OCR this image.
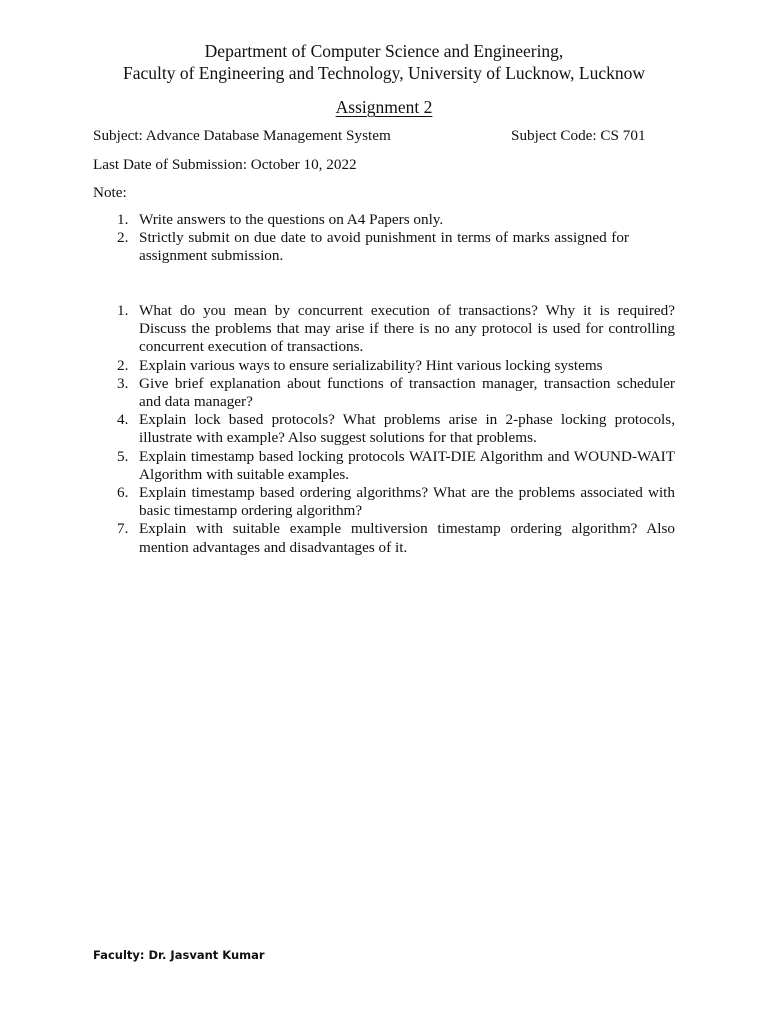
Department of Computer Science and Engineering,
Faculty of Engineering and Technology, University of Lucknow, Lucknow
Assignment 2
Subject: Advance Database Management System	Subject Code: CS 701
Last Date of Submission: October 10, 2022
Note:
1. Write answers to the questions on A4 Papers only.
2. Strictly submit on due date to avoid punishment in terms of marks assigned for assignment submission.
1. What do you mean by concurrent execution of transactions? Why it is required? Discuss the problems that may arise if there is no any protocol is used for controlling concurrent execution of transactions.
2. Explain various ways to ensure serializability? Hint various locking systems
3. Give brief explanation about functions of transaction manager, transaction scheduler and data manager?
4. Explain lock based protocols? What problems arise in 2-phase locking protocols, illustrate with example? Also suggest solutions for that problems.
5. Explain timestamp based locking protocols WAIT-DIE Algorithm and WOUND-WAIT Algorithm with suitable examples.
6. Explain timestamp based ordering algorithms? What are the problems associated with basic timestamp ordering algorithm?
7. Explain with suitable example multiversion timestamp ordering algorithm? Also mention advantages and disadvantages of it.
Faculty: Dr. Jasvant Kumar
